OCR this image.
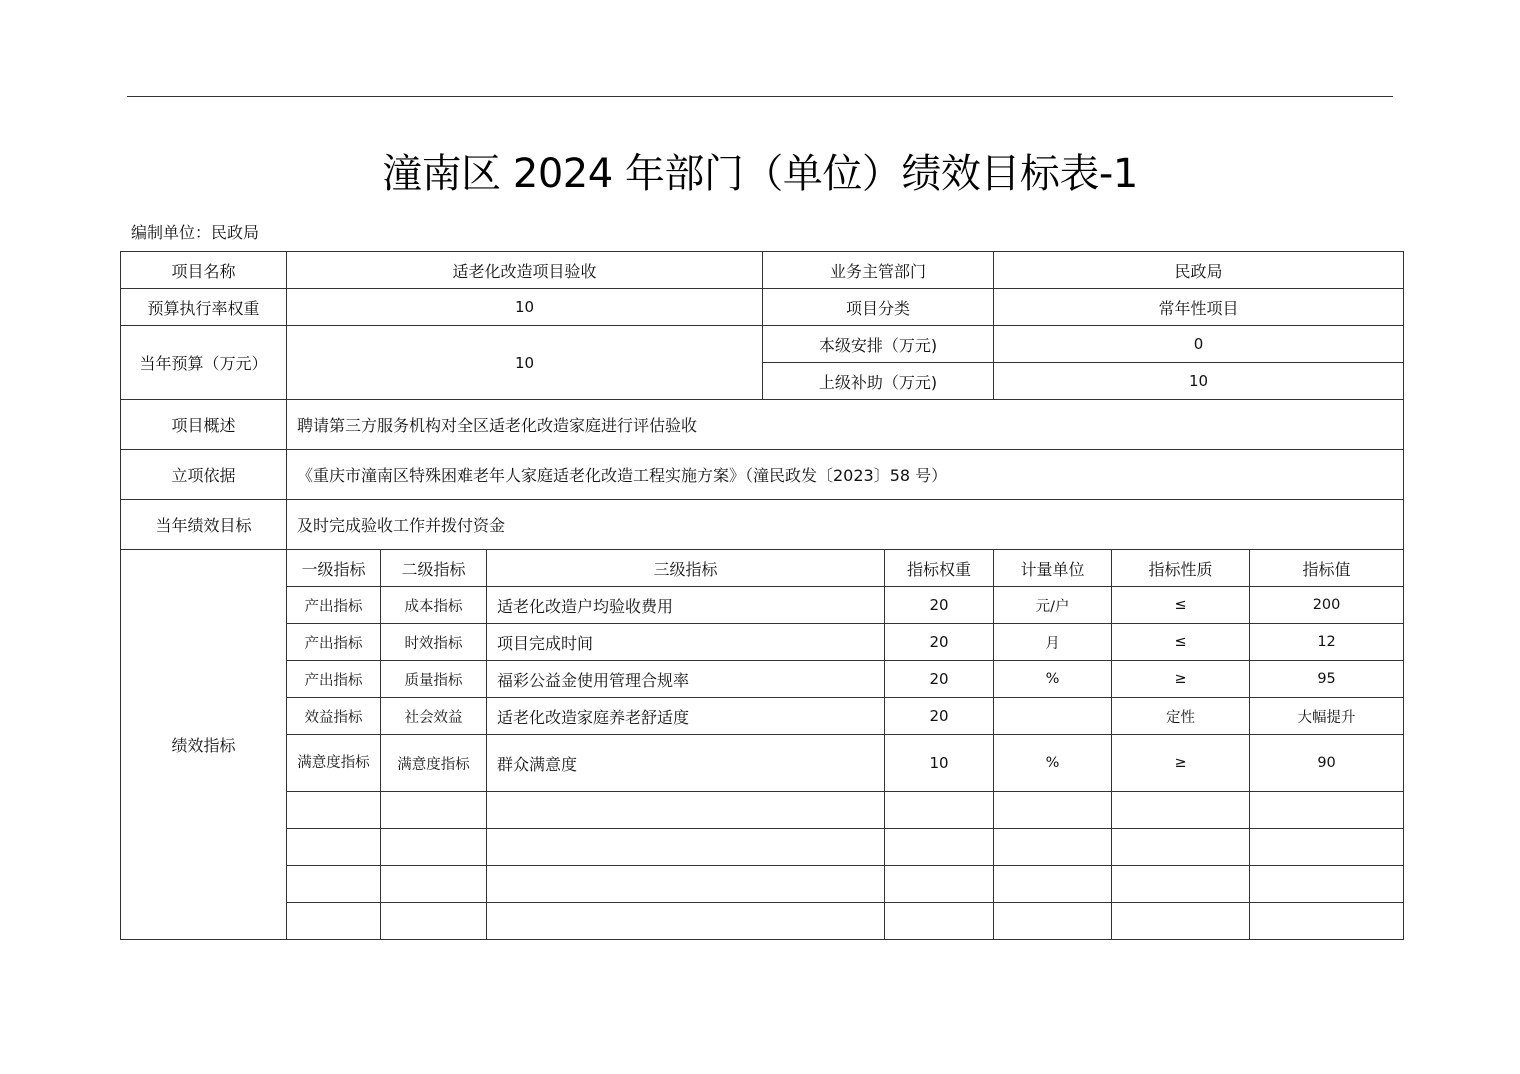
潼南区 2024 年部门（单位）绩效目标表-1
编制单位：民政局
项目名称	适老化改造项目验收			业务主管部门		民政局			
预算执行率权重	10			项目分类		常年性项目			
当年预算（万元）	10			本级安排（万元)		0			
				上级补助（万元)		10			
项目概述	聘请第三方服务机构对全区适老化改造家庭进行评估验收								
立项依据	《重庆市潼南区特殊困难老年人家庭适老化改造工程实施方案》（潼民政发〔2023〕58 号）								
当年绩效目标	及时完成验收工作并拨付资金								
绩效指标	一级指标	二级指标	三级指标		指标权重	计量单位	指标性质	指标值	
	产出指标	成本指标	适老化改造户均验收费用		20	元/户	≤	200	
	产出指标	时效指标	项目完成时间		20	月	≤	12	
	产出指标	质量指标	福彩公益金使用管理合规率		20	%	≥	95	
	效益指标	社会效益	适老化改造家庭养老舒适度		20		定性	大幅提升	
	满意度指标	满意度指标	群众满意度		10	%	≥	90	
